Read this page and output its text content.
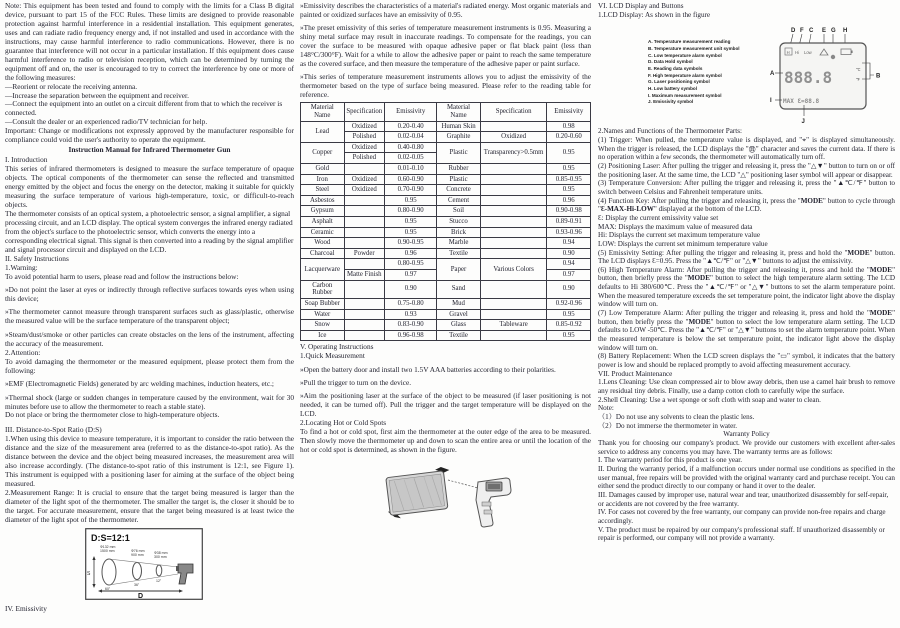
Note: This equipment has been tested and found to comply with the limits for a Class B digital device, pursuant to part 15 of the FCC Rules. These limits are designed to provide reasonable protection against harmful interference in a residential installation. This equipment generates, uses and can radiate radio frequency energy and, if not installed and used in accordance with the instructions, may cause harmful interference to radio communications. However, there is no guarantee that interference will not occur in a particular installation. If this equipment does cause harmful interference to radio or television reception, which can be determined by turning the equipment off and on, the user is encouraged to try to correct the interference by one or more of the following measures:
—Reorient or relocate the receiving antenna.
—Increase the separation between the equipment and receiver.
—Connect the equipment into an outlet on a circuit different from that to which the receiver is connected.
—Consult the dealer or an experienced radio/TV technician for help.
Important: Change or modifications not expressly approved by the manufacturer responsible for compliance could void the user's authority to operate the equipment.
Instruction Manual for Infrared Thermometer Gun
I. Introduction
This series of infrared thermometers is designed to measure the surface temperature of opaque objects. The optical components of the thermometer can sense the reflected and transmitted energy emitted by the object and focus the energy on the detector, making it suitable for quickly measuring the surface temperature of various high-temperature, toxic, or difficult-to-reach objects.
The thermometer consists of an optical system, a photoelectric sensor, a signal amplifier, a signal processing circuit, and an LCD display. The optical system converges the infrared energy radiated from the object's surface to the photoelectric sensor, which converts the energy into a corresponding electrical signal. This signal is then converted into a reading by the signal amplifier and signal processor circuit and displayed on the LCD.
II. Safety Instructions
1.Warning:
To avoid potential harm to users, please read and follow the instructions below:
»Do not point the laser at eyes or indirectly through reflective surfaces towards eyes when using this device;
»The thermometer cannot measure through transparent surfaces such as glass/plastic, otherwise the measured value will be the surface temperature of the transparent object;
»Steam/dust/smoke or other particles can create obstacles on the lens of the instrument, affecting the accuracy of the measurement.
2.Attention:
To avoid damaging the thermometer or the measured equipment, please protect them from the following:
»EMF (Electromagnetic Fields) generated by arc welding machines, induction heaters, etc.;
»Thermal shock (large or sudden changes in temperature caused by the environment, wait for 30 minutes before use to allow the thermometer to reach a stable state).
Do not place or bring the thermometer close to high-temperature objects.
III. Distance-to-Spot Ratio (D:S)
1.When using this device to measure temperature, it is important to consider the ratio between the distance and the size of the measurement area (referred to as the distance-to-spot ratio). As the distance between the device and the object being measured increases, the measurement area will also increase accordingly. (The distance-to-spot ratio of this instrument is 12:1, see Figure 1). This instrument is equipped with a positioning laser for aiming at the surface of the object being measured.
2.Measurement Range: It is crucial to ensure that the target being measured is larger than the diameter of the light spot of the thermometer. The smaller the target is, the closer it should be to the target. For accurate measurement, ensure that the target being measured is at least twice the diameter of the light spot of the thermometer.
D:S=12:1
Φ132 mm
1500 mm	Φ76 mm
900 mm	Φ38 mm
300 mm
60"
36"
12"
S
D
IV. Emissivity
»Emissivity describes the characteristics of a material's radiated energy. Most organic materials and painted or oxidized surfaces have an emissivity of 0.95.
»The preset emissivity of this series of temperature measurement instruments is 0.95. Measuring a shiny metal surface may result in inaccurate readings. To compensate for the readings, you can cover the surface to be measured with opaque adhesive paper or flat black paint (less than 148°C/300°F). Wait for a while to allow the adhesive paper or paint to reach the same temperature as the covered surface, and then measure the temperature of the adhesive paper or paint surface.
»This series of temperature measurement instruments allows you to adjust the emissivity of the thermometer based on the type of surface being measured. Please refer to the reading table for reference.
Material Name	Specification	Emissivity	Material Name	Specification	Emissivity
Lead	Oxidized	0.20-0.40	Human Skin		0.98
	Polished	0.02-0.04	Graphite	Oxidized	0.20-0.60
Copper	Oxidized	0.40-0.80	Plastic	Transparency>0.5mm	0.95
	Polished	0.02-0.05			
Gold		0.01-0.10	Rubber		0.95
Iron	Oxidized	0.60-0.90	Plastic		0.85-0.95
Steel	Oxidized	0.70-0.90	Concrete		0.95
Asbestos		0.95	Cement		0.96
Gypsum		0.80-0.90	Soil		0.90-0.98
Asphalt		0.95	Stucco		0.89-0.91
Ceramic		0.95	Brick		0.93-0.96
Wood		0.90-0.95	Marble		0.94
Charcoal	Powder	0.96	Textile		0.90
Lacquerware		0.80-0.95	Paper	Various Colors	0.94
	Matte Finish	0.97			0.97
Carbon Rubber		0.90	Sand		0.90
Soap Bubber		0.75-0.80	Mud		0.92-0.96
Water		0.93	Gravel		0.95
Snow		0.83-0.90	Glass	Tableware	0.85-0.92
Ice		0.96-0.98	Textile		0.95
V. Operating Instructions
1.Quick Measurement
»Open the battery door and install two 1.5V AAA batteries according to their polarities.
»Pull the trigger to turn on the device.
»Aim the positioning laser at the surface of the object to be measured (if laser positioning is not needed, it can be turned off). Pull the trigger and the target temperature will be displayed on the LCD.
2.Locating Hot or Cold Spots
To find a hot or cold spot, first aim the thermometer at the outer edge of the area to be measured. Then slowly move the thermometer up and down to scan the entire area or until the location of the hot or cold spot is determined, as shown in the figure.
VI. LCD Display and Buttons
1.LCD Display: As shown in the figure
A. Temperature measurement reading
B. Temperature measurement unit symbol
C. Low temperature alarm symbol
D. Data Hold symbol
E. Reading data symbols
F. High temperature alarm symbol
G. Laser positioning symbol
H. Low battery symbol
I. Maximum measurement symbol
J. Emissivity symbol
D F C E G H
H Hi Low
888.8	℃
℉
MAX Ɛ=88.8
A	B
I
J
2.Names and Functions of the Thermometer Parts:
(1) Trigger: When pulled, the temperature value is displayed, and "⌖" is displayed simultaneously. When the trigger is released, the LCD displays the "Ⓗ" character and saves the current data. If there is no operation within a few seconds, the thermometer will automatically turn off.
(2) Positioning Laser: After pulling the trigger and releasing it, press the "△▼" button to turn on or off the positioning laser. At the same time, the LCD "△" positioning laser symbol will appear or disappear.
(3) Temperature Conversion: After pulling the trigger and releasing it, press the "▲℃/℉" button to switch between Celsius and Fahrenheit temperature units.
(4) Function Key: After pulling the trigger and releasing it, press the "MODE" button to cycle through "Ɛ-MAX-Hi-LOW" displayed at the bottom of the LCD.
Ɛ: Display the current emissivity value set
MAX: Displays the maximum value of measured data
Hi: Displays the current set maximum temperature value
LOW: Displays the current set minimum temperature value
(5) Emissivity Setting: After pulling the trigger and releasing it, press and hold the "MODE" button. The LCD displays Ɛ=0.95. Press the "▲℃/℉" or "△▼" buttons to adjust the emissivity.
(6) High Temperature Alarm: After pulling the trigger and releasing it, press and hold the "MODE" button, then briefly press the "MODE" button to select the high temperature alarm setting. The LCD defaults to Hi 380/600℃. Press the "▲℃/℉" or "△▼" buttons to set the alarm temperature point. When the measured temperature exceeds the set temperature point, the indicator light above the display window will turn on.
(7) Low Temperature Alarm: After pulling the trigger and releasing it, press and hold the "MODE" button, then briefly press the "MODE" button to select the low temperature alarm setting. The LCD defaults to LOW -50℃. Press the "▲℃/℉" or "△▼" buttons to set the alarm temperature point. When the measured temperature is below the set temperature point, the indicator light above the display window will turn on.
(8) Battery Replacement: When the LCD screen displays the "▭" symbol, it indicates that the battery power is low and should be replaced promptly to avoid affecting measurement accuracy.
VII. Product Maintenance
1.Lens Cleaning: Use clean compressed air to blow away debris, then use a camel hair brush to remove any residual tiny debris. Finally, use a damp cotton cloth to carefully wipe the surface.
2.Shell Cleaning: Use a wet sponge or soft cloth with soap and water to clean.
Note:
（1）Do not use any solvents to clean the plastic lens.
（2）Do not immerse the thermometer in water.
Warranty Policy
Thank you for choosing our company's product. We provide our customers with excellent after-sales service to address any concerns you may have. The warranty terms are as follows:
I. The warranty period for this product is one year.
II. During the warranty period, if a malfunction occurs under normal use conditions as specified in the user manual, free repairs will be provided with the original warranty card and purchase receipt. You can either send the product directly to our company or hand it over to the dealer.
III. Damages caused by improper use, natural wear and tear, unauthorized disassembly for self-repair, or accidents are not covered by the free warranty.
IV. For cases not covered by the free warranty, our company can provide non-free repairs and charge accordingly.
V. The product must be repaired by our company's professional staff. If unauthorized disassembly or repair is performed, our company will not provide a warranty.
